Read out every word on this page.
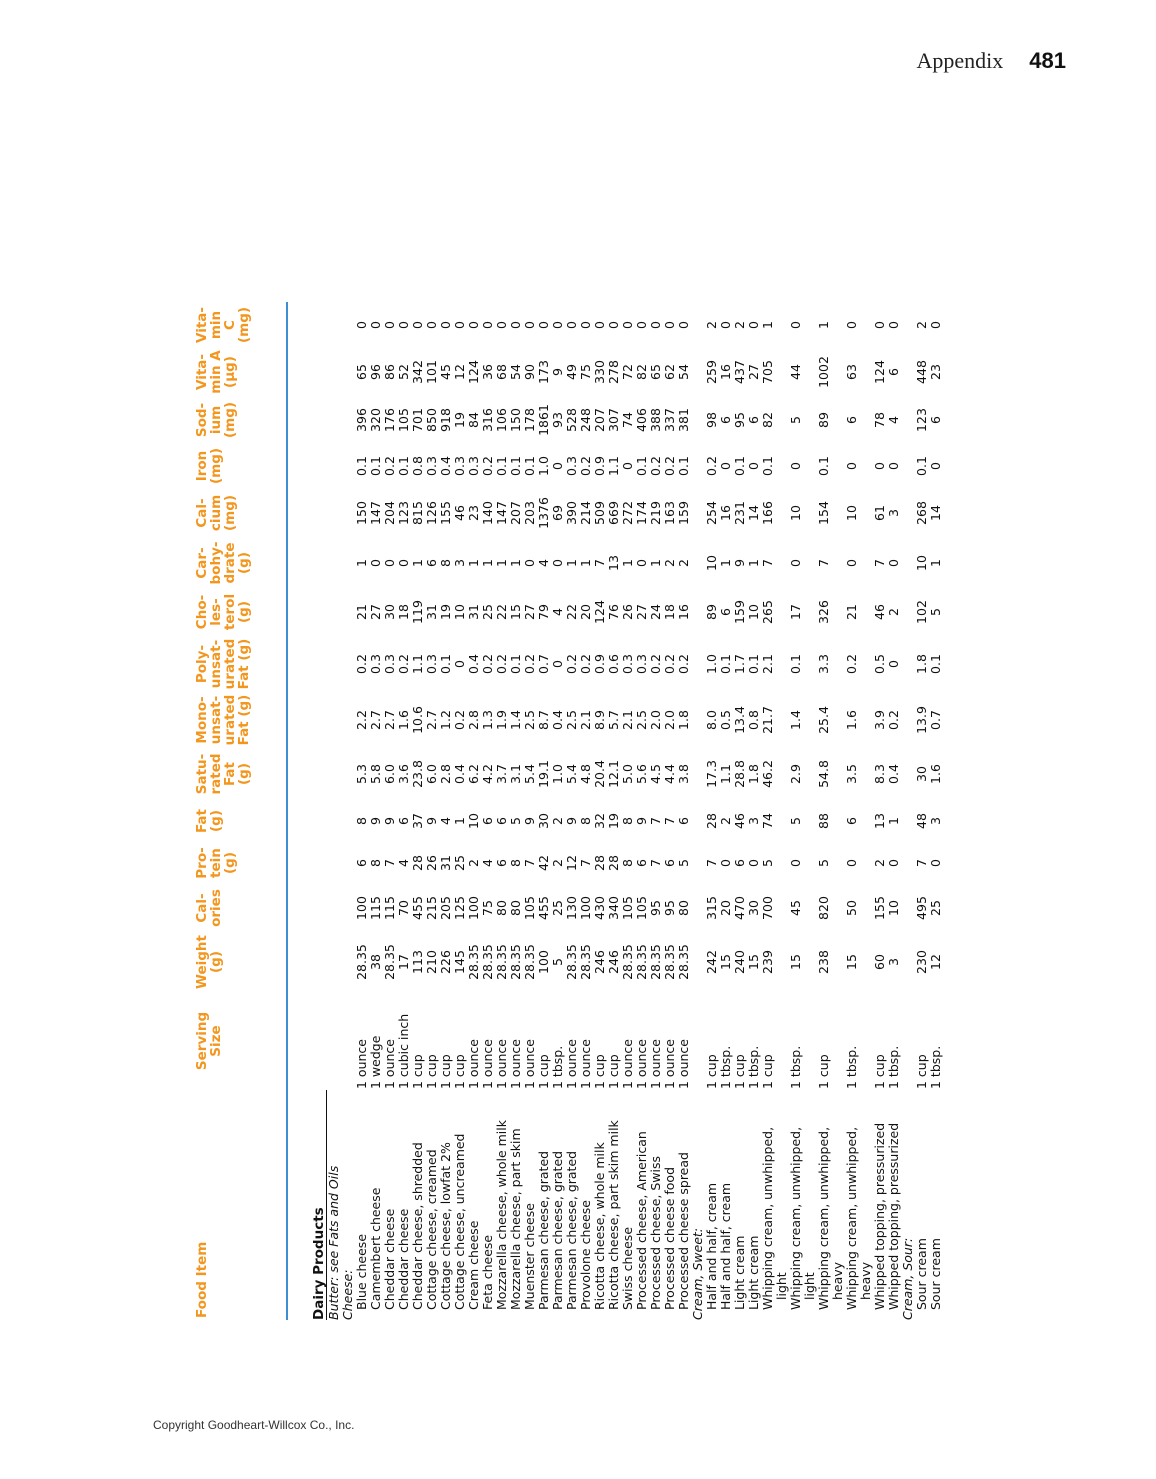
Appendix 481
Food Item	Serving Size	Weight (g)	Cal-ories	Pro-tein (g)	Fat (g)	Satu-rated Fat (g)	Mono-unsat-urated Fat (g)	Poly-unsat-urated Fat (g)	Cho-les-terol (g)	Car-bohy-drate (g)	Cal-cium (mg)	Iron (mg)	Sod-ium (mg)	Vita-min A (µg)	Vita-min C (mg)

Dairy Products															
Butter: see Fats and Oils															
Cheese:															
Blue cheese	1 ounce	28.35	100	6	8	5.3	2.2	0.2	21	1	150	0.1	396	65	0
Camembert cheese	1 wedge	38	115	8	9	5.8	2.7	0.3	27	0	147	0.1	320	96	0
Cheddar cheese	1 ounce	28.35	115	7	9	6.0	2.7	0.3	30	0	204	0.2	176	86	0
Cheddar cheese	1 cubic inch	17	70	4	6	3.6	1.6	0.2	18	0	123	0.1	105	52	0
Cheddar cheese, shredded	1 cup	113	455	28	37	23.8	10.6	1.1	119	1	815	0.8	701	342	0
Cottage cheese, creamed	1 cup	210	215	26	9	6.0	2.7	0.3	31	6	126	0.3	850	101	0
Cottage cheese, lowfat 2%	1 cup	226	205	31	4	2.8	1.2	0.1	19	8	155	0.4	918	45	0
Cottage cheese, uncreamed	1 cup	145	125	25	1	0.4	0.2	0	10	3	46	0.3	19	12	0
Cream cheese	1 ounce	28.35	100	2	10	6.2	2.8	0.4	31	1	23	0.3	84	124	0
Feta cheese	1 ounce	28.35	75	4	6	4.2	1.3	0.2	25	1	140	0.2	316	36	0
Mozzarella cheese, whole milk	1 ounce	28.35	80	6	6	3.7	1.9	0.2	22	1	147	0.1	106	68	0
Mozzarella cheese, part skim	1 ounce	28.35	80	8	5	3.1	1.4	0.1	15	1	207	0.1	150	54	0
Muenster cheese	1 ounce	28.35	105	7	9	5.4	2.5	0.2	27	0	203	0.1	178	90	0
Parmesan cheese, grated	1 cup	100	455	42	30	19.1	8.7	0.7	79	4	1376	1.0	1861	173	0
Parmesan cheese, grated	1 tbsp.	5	25	2	2	1.0	0.4	0	4	0	69	0	93	9	0
Parmesan cheese, grated	1 ounce	28.35	130	12	9	5.4	2.5	0.2	22	1	390	0.3	528	49	0
Provolone cheese	1 ounce	28.35	100	7	8	4.8	2.1	0.2	20	1	214	0.2	248	75	0
Ricotta cheese, whole milk	1 cup	246	430	28	32	20.4	8.9	0.9	124	7	509	0.9	207	330	0
Ricotta cheese, part skim milk	1 cup	246	340	28	19	12.1	5.7	0.6	76	13	669	1.1	307	278	0
Swiss cheese	1 ounce	28.35	105	8	8	5.0	2.1	0.3	26	1	272	0	74	72	0
Processed cheese, American	1 ounce	28.35	105	6	9	5.6	2.5	0.3	27	0	174	0.1	406	82	0
Processed cheese, Swiss	1 ounce	28.35	95	7	7	4.5	2.0	0.2	24	1	219	0.2	388	65	0
Processed cheese food	1 ounce	28.35	95	6	7	4.4	2.0	0.2	18	2	163	0.2	337	62	0
Processed cheese spread	1 ounce	28.35	80	5	6	3.8	1.8	0.2	16	2	159	0.1	381	54	0
Cream, Sweet:															
Half and half, cream	1 cup	242	315	7	28	17.3	8.0	1.0	89	10	254	0.2	98	259	2
Half and half, cream	1 tbsp.	15	20	0	2	1.1	0.5	0.1	6	1	16	0	6	16	0
Light cream	1 cup	240	470	6	46	28.8	13.4	1.7	159	9	231	0.1	95	437	2
Light cream	1 tbsp.	15	30	0	3	1.8	0.8	0.1	10	1	14	0	6	27	0
Whipping cream, unwhipped,
light	1 cup	239	700	5	74	46.2	21.7	2.1	265	7	166	0.1	82	705	1
Whipping cream, unwhipped,
light	1 tbsp.	15	45	0	5	2.9	1.4	0.1	17	0	10	0	5	44	0
Whipping cream, unwhipped,
heavy	1 cup	238	820	5	88	54.8	25.4	3.3	326	7	154	0.1	89	1002	1
Whipping cream, unwhipped,
heavy	1 tbsp.	15	50	0	6	3.5	1.6	0.2	21	0	10	0	6	63	0
Whipped topping, pressurized	1 cup	60	155	2	13	8.3	3.9	0.5	46	7	61	0	78	124	0
Whipped topping, pressurized	1 tbsp.	3	10	0	1	0.4	0.2	0	2	0	3	0	4	6	0
Cream, Sour:															
Sour cream	1 cup	230	495	7	48	30	13.9	1.8	102	10	268	0.1	123	448	2
Sour cream	1 tbsp.	12	25	0	3	1.6	0.7	0.1	5	1	14	0	6	23	0
Copyright Goodheart-Willcox Co., Inc.
